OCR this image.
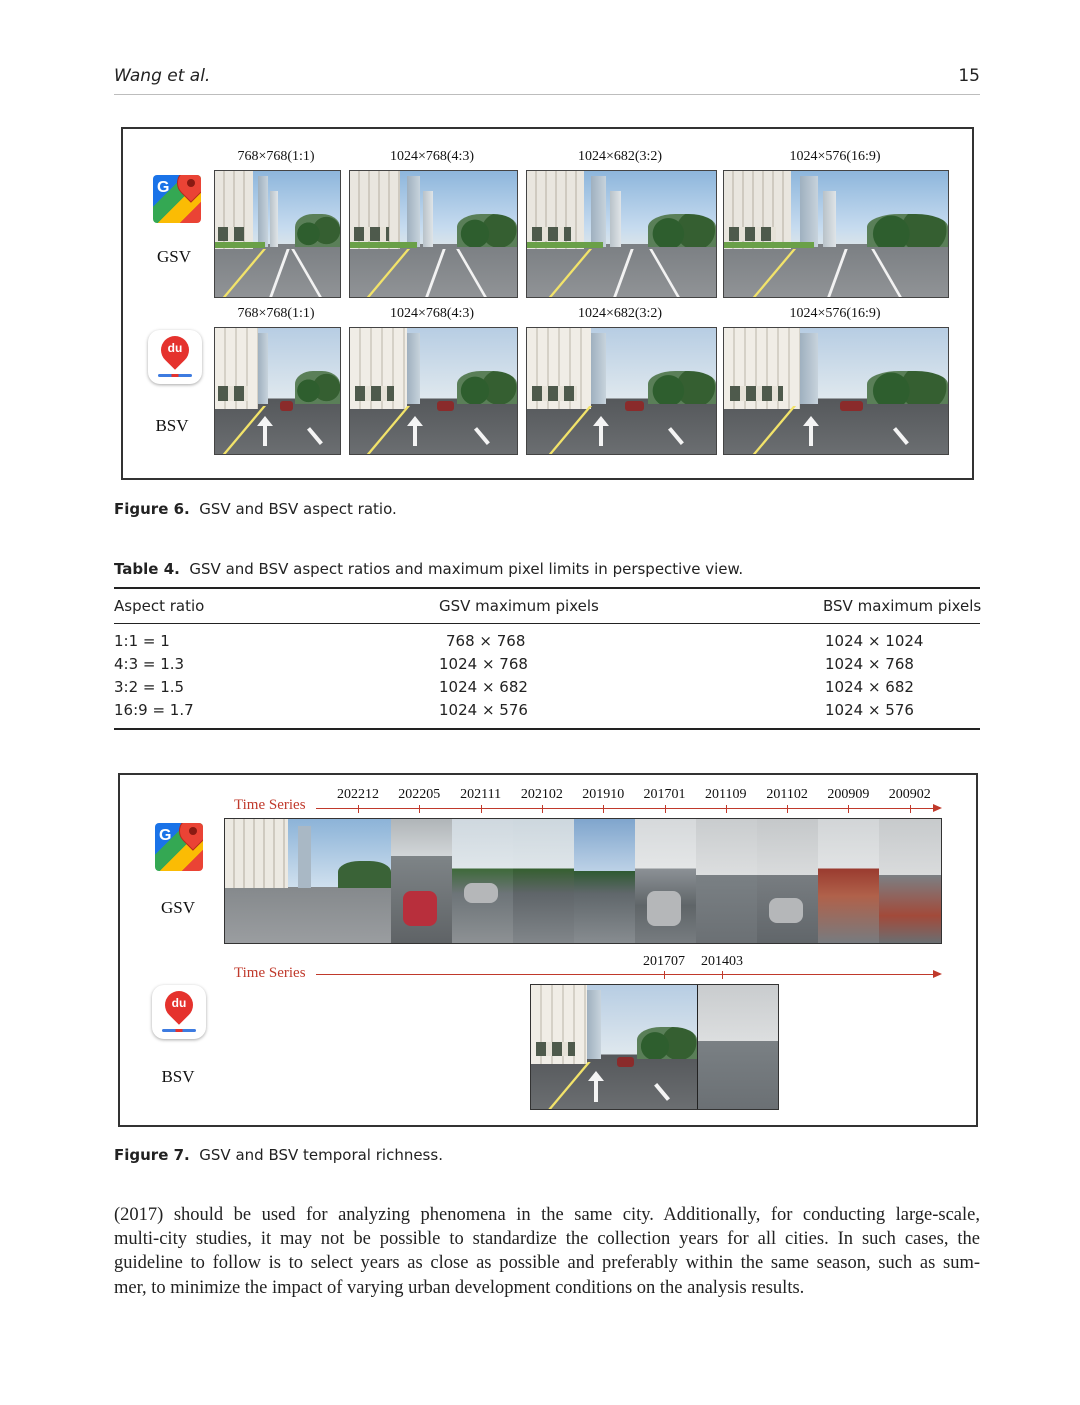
Wang et al.	15
G
GSV
du
BSV
768×768(1:1)	1024×768(4:3)	1024×682(3:2)	1024×576(16:9)
768×768(1:1)	1024×768(4:3)	1024×682(3:2)	1024×576(16:9)
Figure 6. GSV and BSV aspect ratio.
Table 4. GSV and BSV aspect ratios and maximum pixel limits in perspective view.
Aspect ratio	GSV maximum pixels	BSV maximum pixels
1:1 = 1	768 × 768	1024 × 1024
4:3 = 1.3	1024 × 768	1024 × 768
3:2 = 1.5	1024 × 682	1024 × 682
16:9 = 1.7	1024 × 576	1024 × 576
G
GSV
du
BSV
Time Series
Time Series
202212	202205	202111	202102	201910	201701	201109	201102	200909	200902
201707	201403
Figure 7. GSV and BSV temporal richness.
(2017) should be used for analyzing phenomena in the same city. Additionally, for conducting large-scale,
multi-city studies, it may not be possible to standardize the collection years for all cities. In such cases, the
guideline to follow is to select years as close as possible and preferably within the same season, such as sum-
mer, to minimize the impact of varying urban development conditions on the analysis results.
